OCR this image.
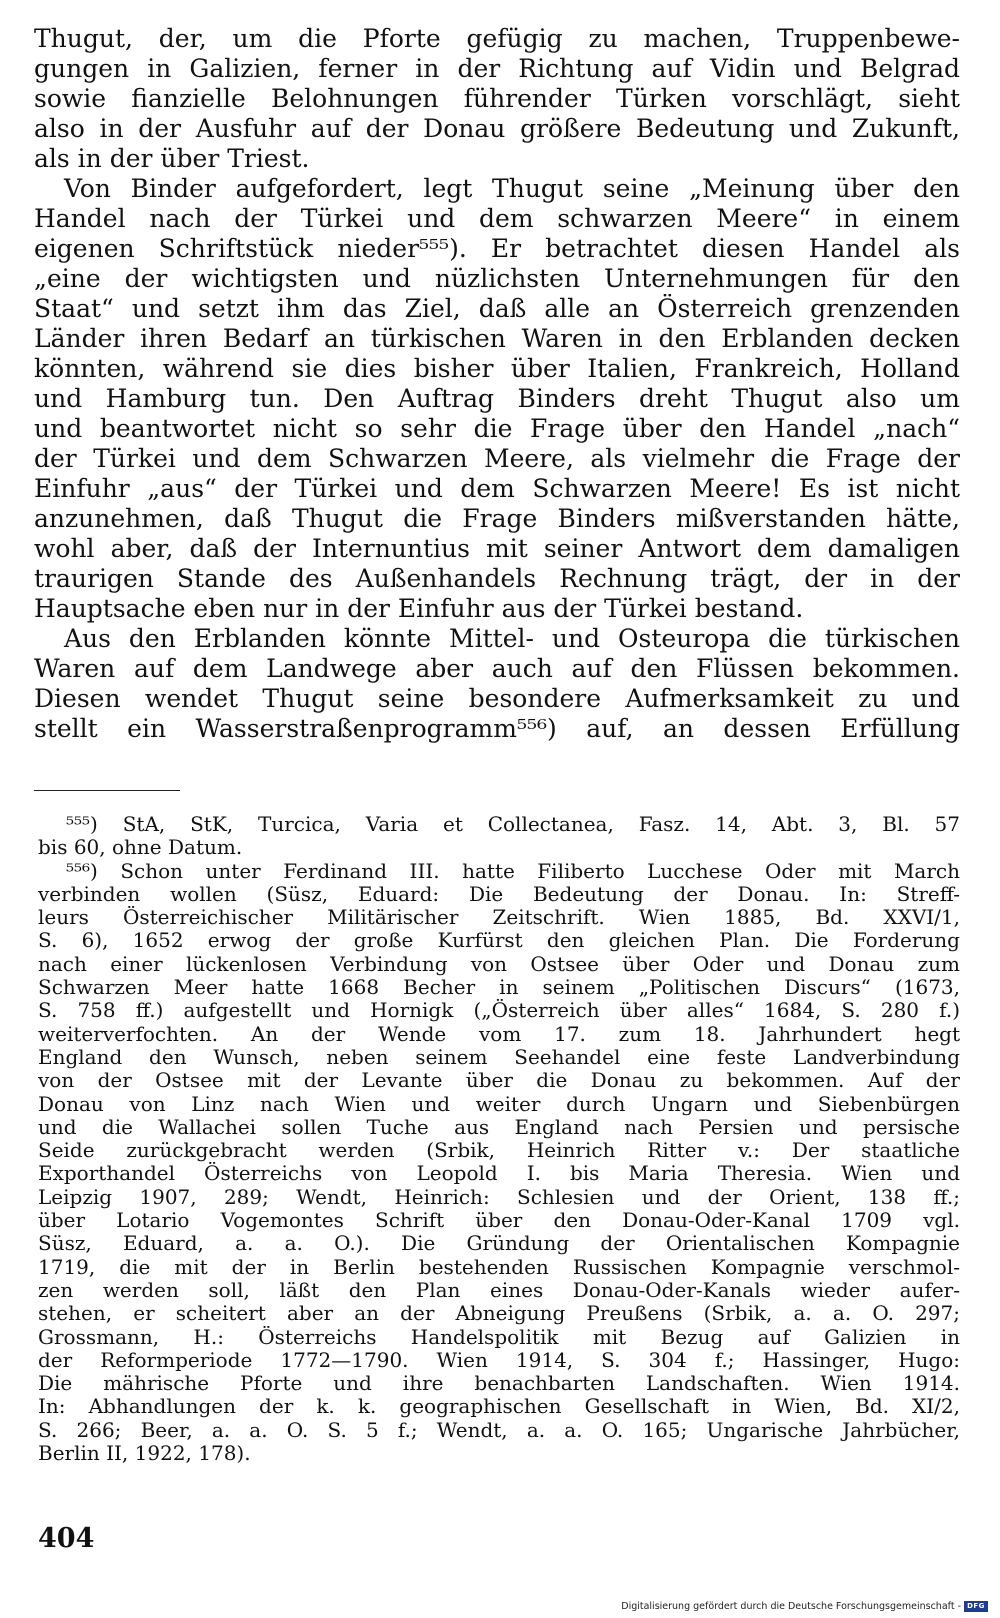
Thugut, der, um die Pforte gefügig zu machen, Truppenbewe-
gungen in Galizien, ferner in der Richtung auf Vidin und Belgrad
sowie fianzielle Belohnungen führender Türken vorschlägt, sieht
also in der Ausfuhr auf der Donau größere Bedeutung und Zukunft,
als in der über Triest.
Von Binder aufgefordert, legt Thugut seine „Meinung über den
Handel nach der Türkei und dem schwarzen Meere“ in einem
eigenen Schriftstück nieder⁵⁵⁵). Er betrachtet diesen Handel als
„eine der wichtigsten und nüzlichsten Unternehmungen für den
Staat“ und setzt ihm das Ziel, daß alle an Österreich grenzenden
Länder ihren Bedarf an türkischen Waren in den Erblanden decken
könnten, während sie dies bisher über Italien, Frankreich, Holland
und Hamburg tun. Den Auftrag Binders dreht Thugut also um
und beantwortet nicht so sehr die Frage über den Handel „nach“
der Türkei und dem Schwarzen Meere, als vielmehr die Frage der
Einfuhr „aus“ der Türkei und dem Schwarzen Meere! Es ist nicht
anzunehmen, daß Thugut die Frage Binders mißverstanden hätte,
wohl aber, daß der Internuntius mit seiner Antwort dem damaligen
traurigen Stande des Außenhandels Rechnung trägt, der in der
Hauptsache eben nur in der Einfuhr aus der Türkei bestand.
Aus den Erblanden könnte Mittel- und Osteuropa die türkischen
Waren auf dem Landwege aber auch auf den Flüssen bekommen.
Diesen wendet Thugut seine besondere Aufmerksamkeit zu und
stellt ein Wasserstraßenprogramm⁵⁵⁶) auf, an dessen Erfüllung
⁵⁵⁵) StA, StK, Turcica, Varia et Collectanea, Fasz. 14, Abt. 3, Bl. 57
bis 60, ohne Datum.
⁵⁵⁶) Schon unter Ferdinand III. hatte Filiberto Lucchese Oder mit March
verbinden wollen (Süsz, Eduard: Die Bedeutung der Donau. In: Streff-
leurs Österreichischer Militärischer Zeitschrift. Wien 1885, Bd. XXVI/1,
S. 6), 1652 erwog der große Kurfürst den gleichen Plan. Die Forderung
nach einer lückenlosen Verbindung von Ostsee über Oder und Donau zum
Schwarzen Meer hatte 1668 Becher in seinem „Politischen Discurs“ (1673,
S. 758 ff.) aufgestellt und Hornigk („Österreich über alles“ 1684, S. 280 f.)
weiterverfochten. An der Wende vom 17. zum 18. Jahrhundert hegt
England den Wunsch, neben seinem Seehandel eine feste Landverbindung
von der Ostsee mit der Levante über die Donau zu bekommen. Auf der
Donau von Linz nach Wien und weiter durch Ungarn und Siebenbürgen
und die Wallachei sollen Tuche aus England nach Persien und persische
Seide zurückgebracht werden (Srbik, Heinrich Ritter v.: Der staatliche
Exporthandel Österreichs von Leopold I. bis Maria Theresia. Wien und
Leipzig 1907, 289; Wendt, Heinrich: Schlesien und der Orient, 138 ff.;
über Lotario Vogemontes Schrift über den Donau-Oder-Kanal 1709 vgl.
Süsz, Eduard, a. a. O.). Die Gründung der Orientalischen Kompagnie
1719, die mit der in Berlin bestehenden Russischen Kompagnie verschmol-
zen werden soll, läßt den Plan eines Donau-Oder-Kanals wieder aufer-
stehen, er scheitert aber an der Abneigung Preußens (Srbik, a. a. O. 297;
Grossmann, H.: Österreichs Handelspolitik mit Bezug auf Galizien in
der Reformperiode 1772—1790. Wien 1914, S. 304 f.; Hassinger, Hugo:
Die mährische Pforte und ihre benachbarten Landschaften. Wien 1914.
In: Abhandlungen der k. k. geographischen Gesellschaft in Wien, Bd. XI/2,
S. 266; Beer, a. a. O. S. 5 f.; Wendt, a. a. O. 165; Ungarische Jahrbücher,
Berlin II, 1922, 178).
404
Digitalisierung gefördert durch die Deutsche Forschungsgemeinschaft - DFG
